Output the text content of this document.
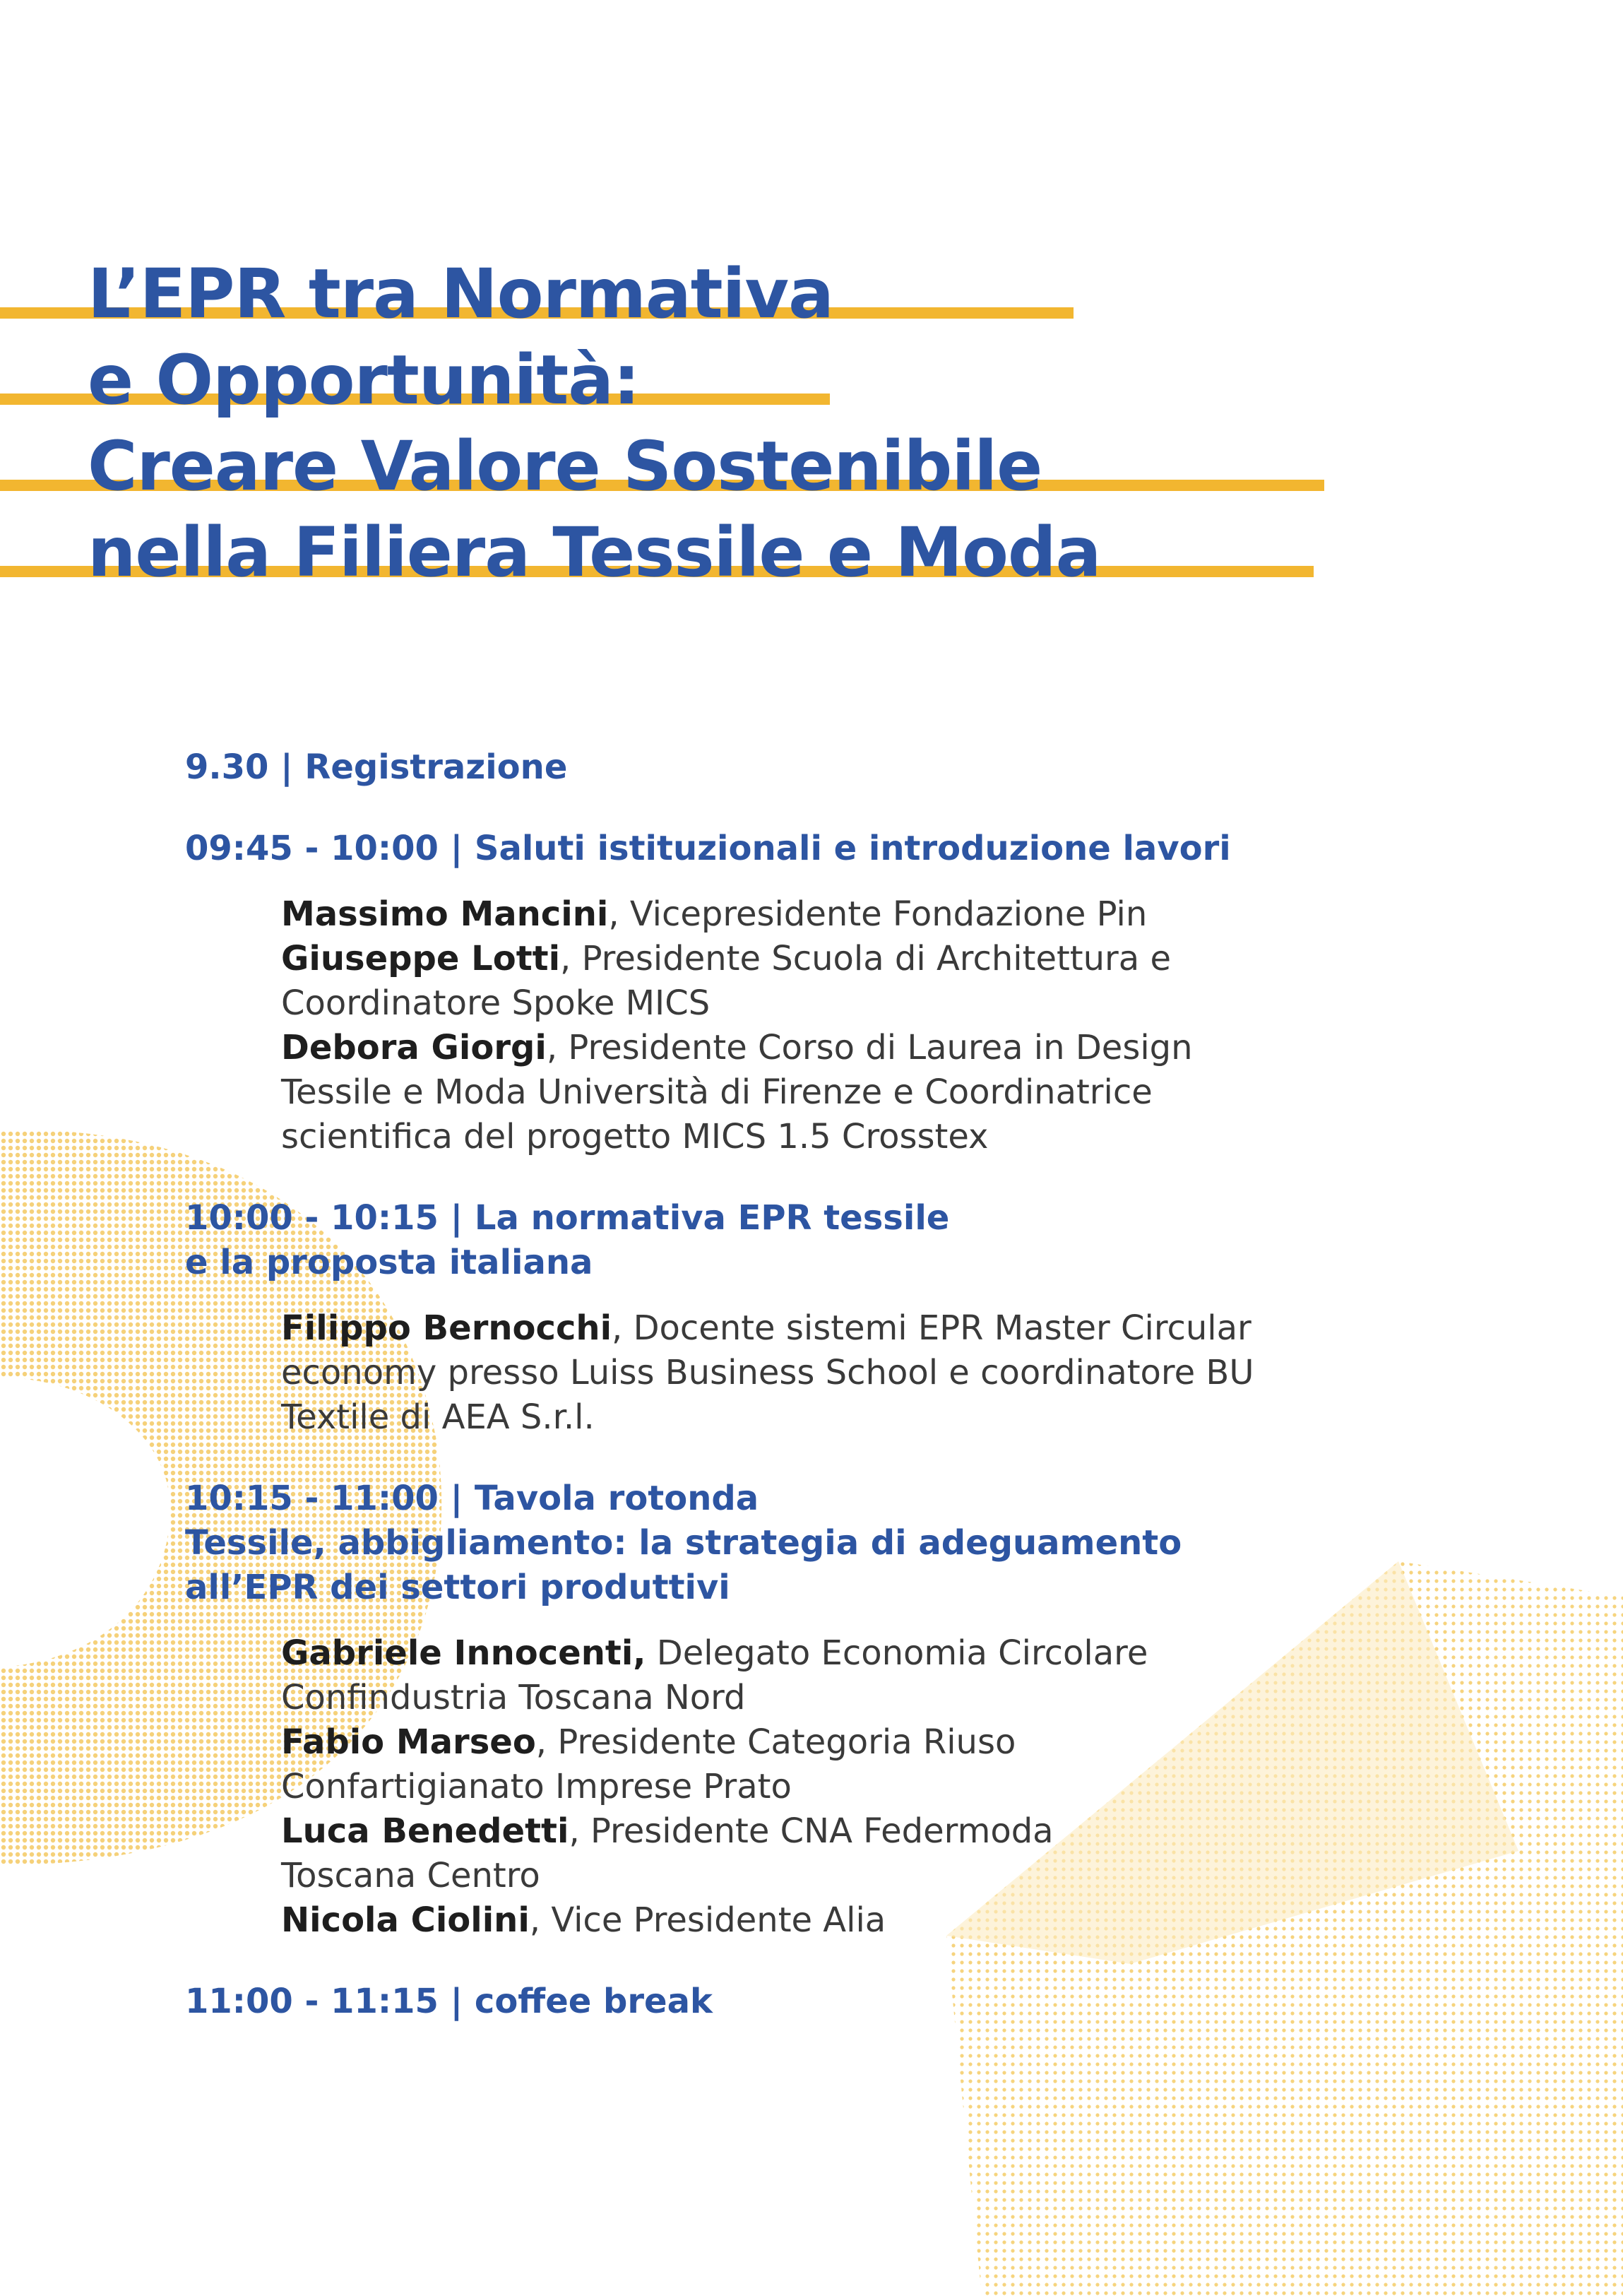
L’EPR tra Normativa
e Opportunità:
Creare Valore Sostenibile
nella Filiera Tessile e Moda
9.30 | Registrazione
09:45 - 10:00 | Saluti istituzionali e introduzione lavori
Massimo Mancini, Vicepresidente Fondazione Pin
Giuseppe Lotti, Presidente Scuola di Architettura e
Coordinatore Spoke MICS
Debora Giorgi, Presidente Corso di Laurea in Design
Tessile e Moda Università di Firenze e Coordinatrice
scientifica del progetto MICS 1.5 Crosstex
10:00 - 10:15 | La normativa EPR tessile
e la proposta italiana
Filippo Bernocchi, Docente sistemi EPR Master Circular
economy presso Luiss Business School e coordinatore BU
Textile di AEA S.r.l.
10:15 - 11:00 | Tavola rotonda
Tessile, abbigliamento: la strategia di adeguamento
all’EPR dei settori produttivi
Gabriele Innocenti, Delegato Economia Circolare
Confindustria Toscana Nord
Fabio Marseo, Presidente Categoria Riuso
Confartigianato Imprese Prato
Luca Benedetti, Presidente CNA Federmoda
Toscana Centro
Nicola Ciolini, Vice Presidente Alia
11:00 - 11:15 | coffee break
